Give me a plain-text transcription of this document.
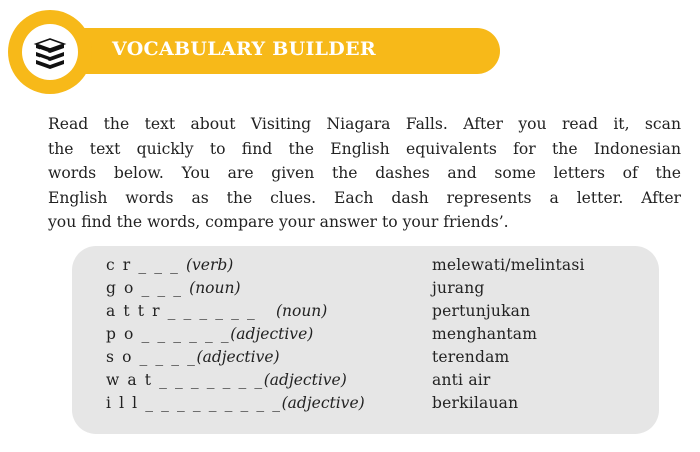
VOCABULARY BUILDER

Read the text about Visiting Niagara Falls. After you read it, scan
the text quickly to find the English equivalents for the Indonesian
words below. You are given the dashes and some letters of the
English words as the clues. Each dash represents a letter. After
you find the words, compare your answer to your friends’.

c r _ _ _ (verb)	melewati/melintasi
g o _ _ _ (noun)	jurang
a t t r _ _ _ _ _ _ (noun)	pertunjukan
p o _ _ _ _ _ _(adjective)	menghantam
s o _ _ _ _(adjective)	terendam
w a t _ _ _ _ _ _ _(adjective)	anti air
i l l _ _ _ _ _ _ _ _ _(adjective)	berkilauan
